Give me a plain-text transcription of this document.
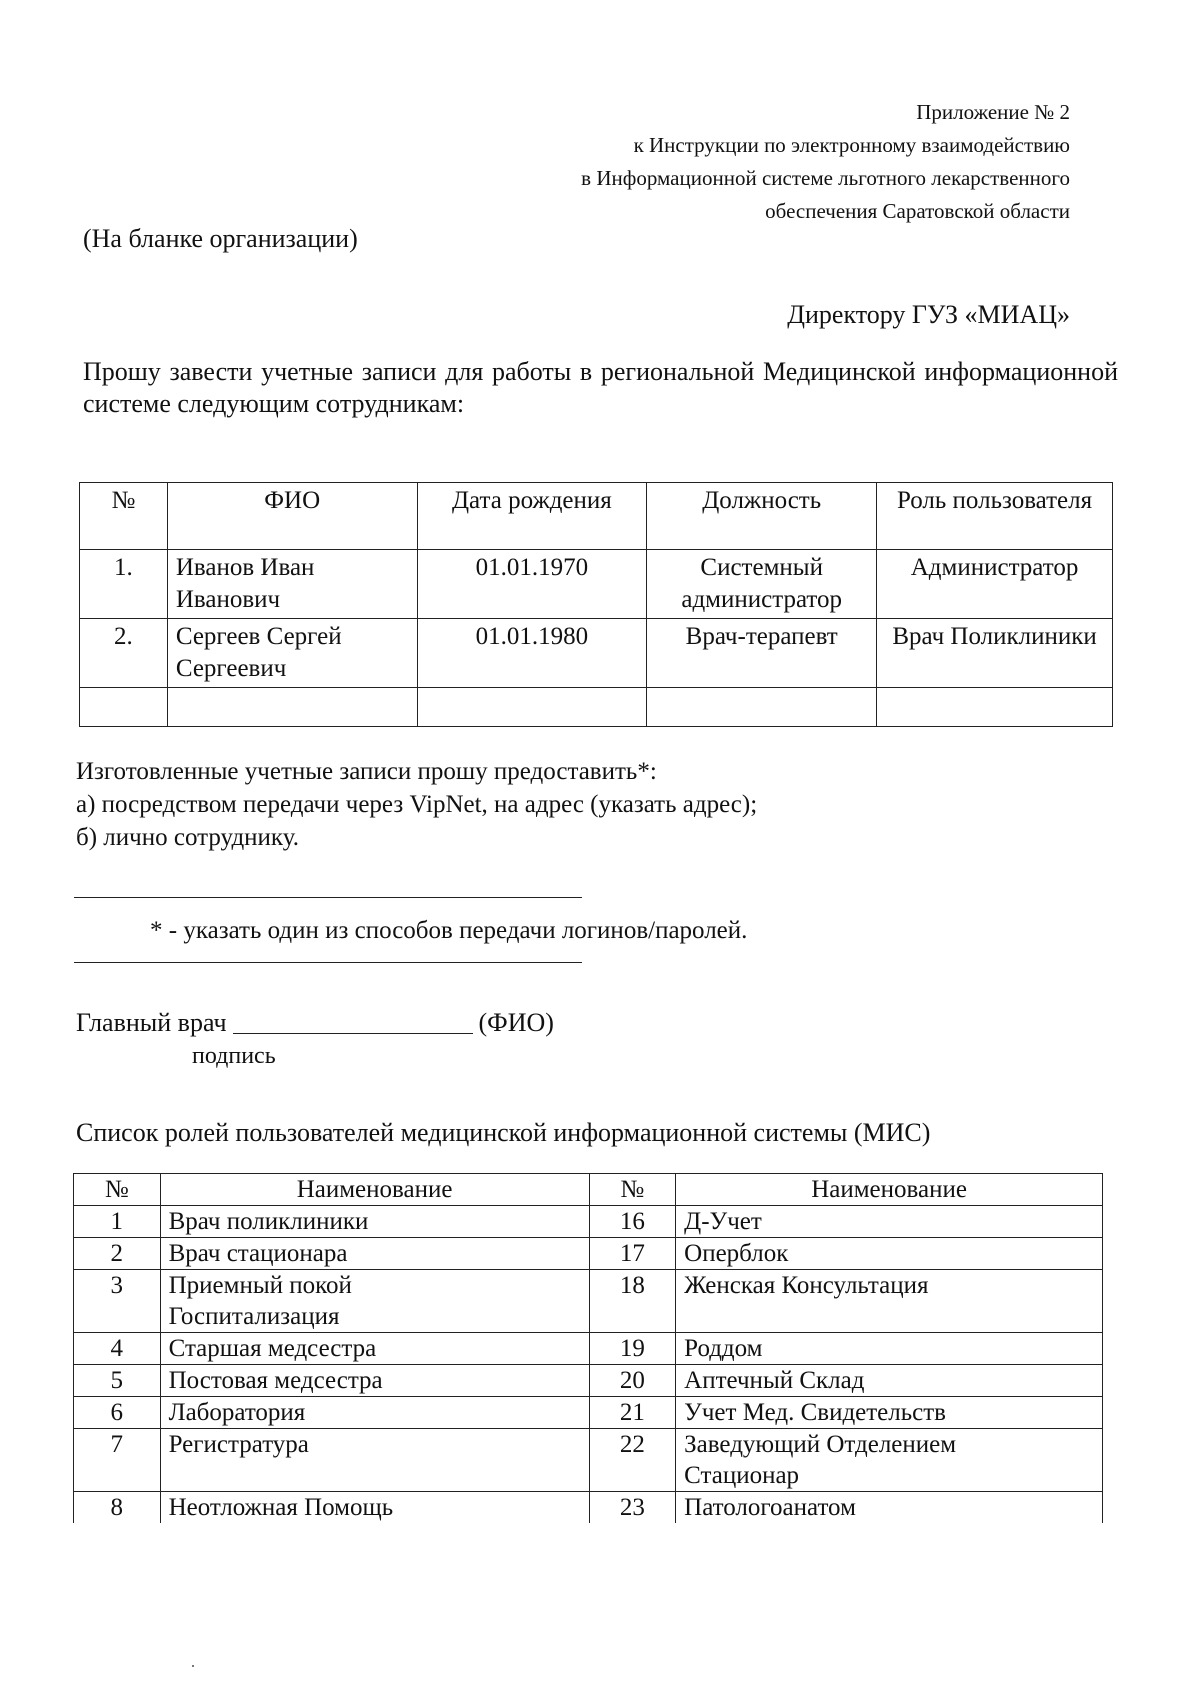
Приложение № 2
к Инструкции по электронному взаимодействию
в Информационной системе льготного лекарственного
обеспечения Саратовской области
(На бланке организации)
Директору ГУЗ «МИАЦ»
Прошу завести учетные записи для работы в региональной Медицинской информационной системе следующим сотрудникам:
№	ФИО	Дата рождения	Должность	Роль пользователя
1.	Иванов Иван Иванович	01.01.1970	Системный администратор	Администратор
2.	Сергеев Сергей Сергеевич	01.01.1980	Врач-терапевт	Врач Поликлиники

Изготовленные учетные записи прошу предоставить*:
а) посредством передачи через VipNet, на адрес (указать адрес);
б) лично сотруднику.
* - указать один из способов передачи логинов/паролей.
Главный врач	(ФИО)
подпись
Список ролей пользователей медицинской информационной системы (МИС)
№	Наименование	№	Наименование
1	Врач поликлиники	16	Д-Учет
2	Врач стационара	17	Оперблок
3	Приемный покой Госпитализация	18	Женская Консультация
4	Старшая медсестра	19	Роддом
5	Постовая медсестра	20	Аптечный Склад
6	Лаборатория	21	Учет Мед. Свидетельств
7	Регистратура	22	Заведующий Отделением Стационар
8	Неотложная Помощь	23	Патологоанатом
